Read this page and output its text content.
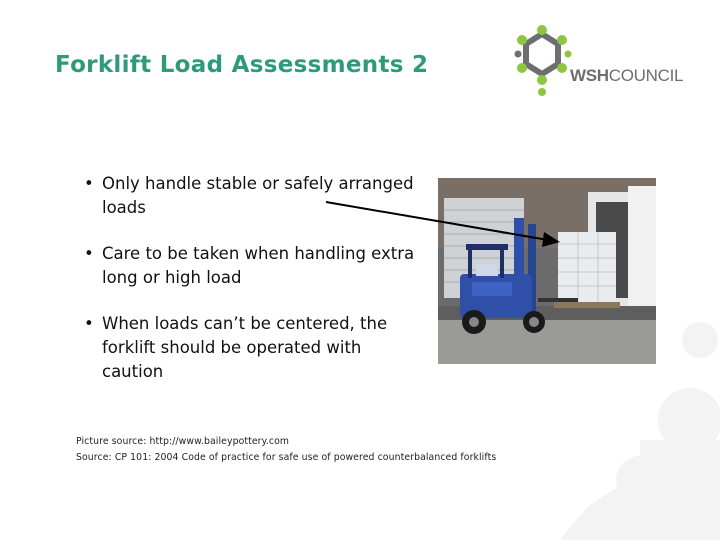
Forklift Load Assessments 2	WSHCOUNCIL
• Only handle stable or safely arranged loads
• Care to be taken when handling extra long or high load
• When loads can’t be centered, the forklift should be operated with caution
Picture source: http://www.baileypottery.com
Source: CP 101: 2004 Code of practice for safe use of powered counterbalanced forklifts
